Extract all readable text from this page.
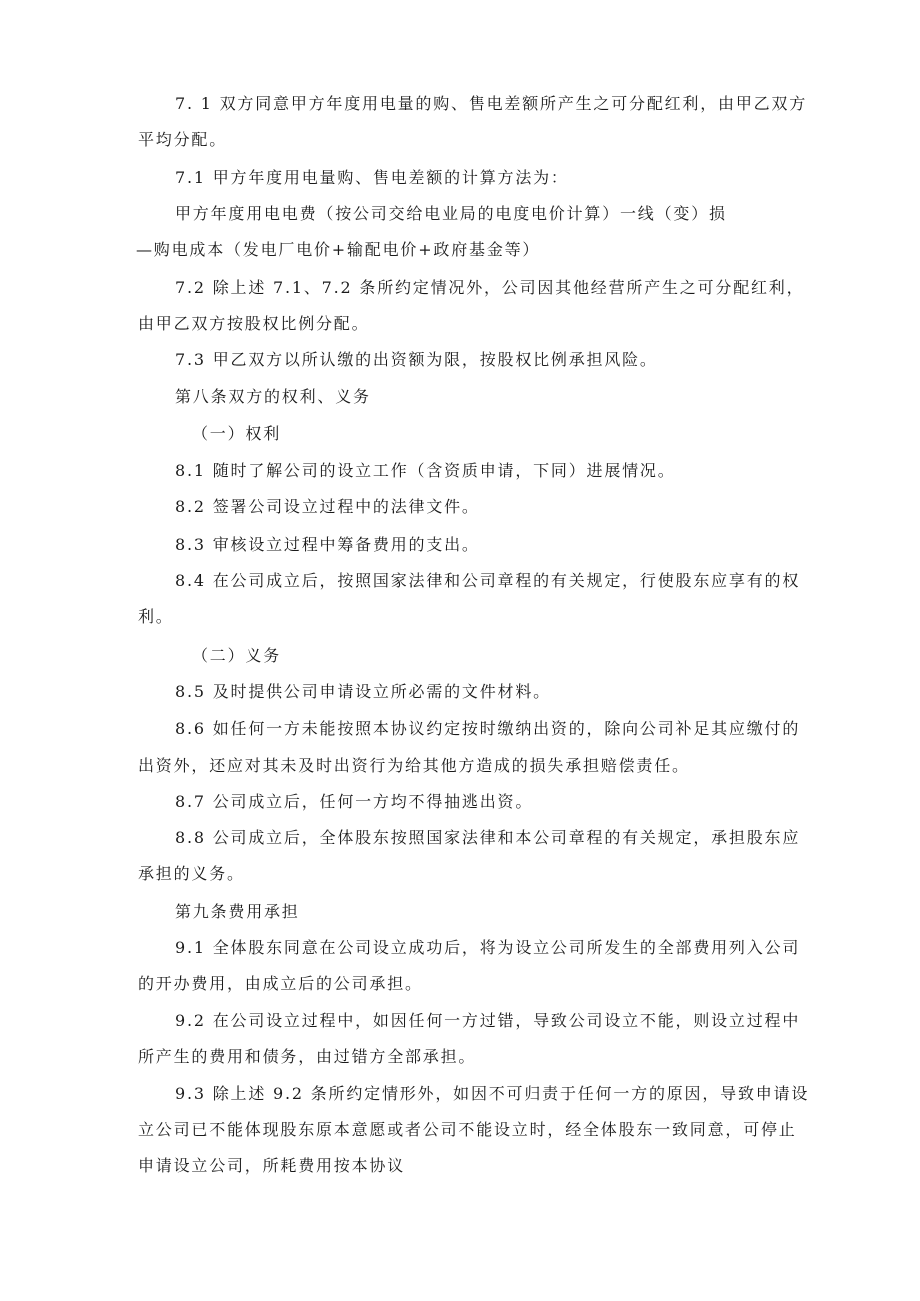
7. 1 双方同意甲方年度用电量的购、售电差额所产生之可分配红利，由甲乙双方
平均分配。
7.1 甲方年度用电量购、售电差额的计算方法为：
甲方年度用电电费（按公司交给电业局的电度电价计算）一线（变）损
—购电成本（发电厂电价+输配电价+政府基金等）
7.2 除上述 7.1、7.2 条所约定情况外，公司因其他经营所产生之可分配红利，
由甲乙双方按股权比例分配。
7.3 甲乙双方以所认缴的出资额为限，按股权比例承担风险。
第八条双方的权利、义务
（一）权利
8.1 随时了解公司的设立工作（含资质申请，下同）进展情况。
8.2 签署公司设立过程中的法律文件。
8.3 审核设立过程中筹备费用的支出。
8.4 在公司成立后，按照国家法律和公司章程的有关规定，行使股东应享有的权
利。
（二）义务
8.5 及时提供公司申请设立所必需的文件材料。
8.6 如任何一方未能按照本协议约定按时缴纳出资的，除向公司补足其应缴付的
出资外，还应对其未及时出资行为给其他方造成的损失承担赔偿责任。
8.7 公司成立后，任何一方均不得抽逃出资。
8.8 公司成立后，全体股东按照国家法律和本公司章程的有关规定，承担股东应
承担的义务。
第九条费用承担
9.1 全体股东同意在公司设立成功后，将为设立公司所发生的全部费用列入公司
的开办费用，由成立后的公司承担。
9.2 在公司设立过程中，如因任何一方过错，导致公司设立不能，则设立过程中
所产生的费用和债务，由过错方全部承担。
9.3 除上述 9.2 条所约定情形外，如因不可归责于任何一方的原因，导致申请设
立公司已不能体现股东原本意愿或者公司不能设立时，经全体股东一致同意，可停止
申请设立公司，所耗费用按本协议
